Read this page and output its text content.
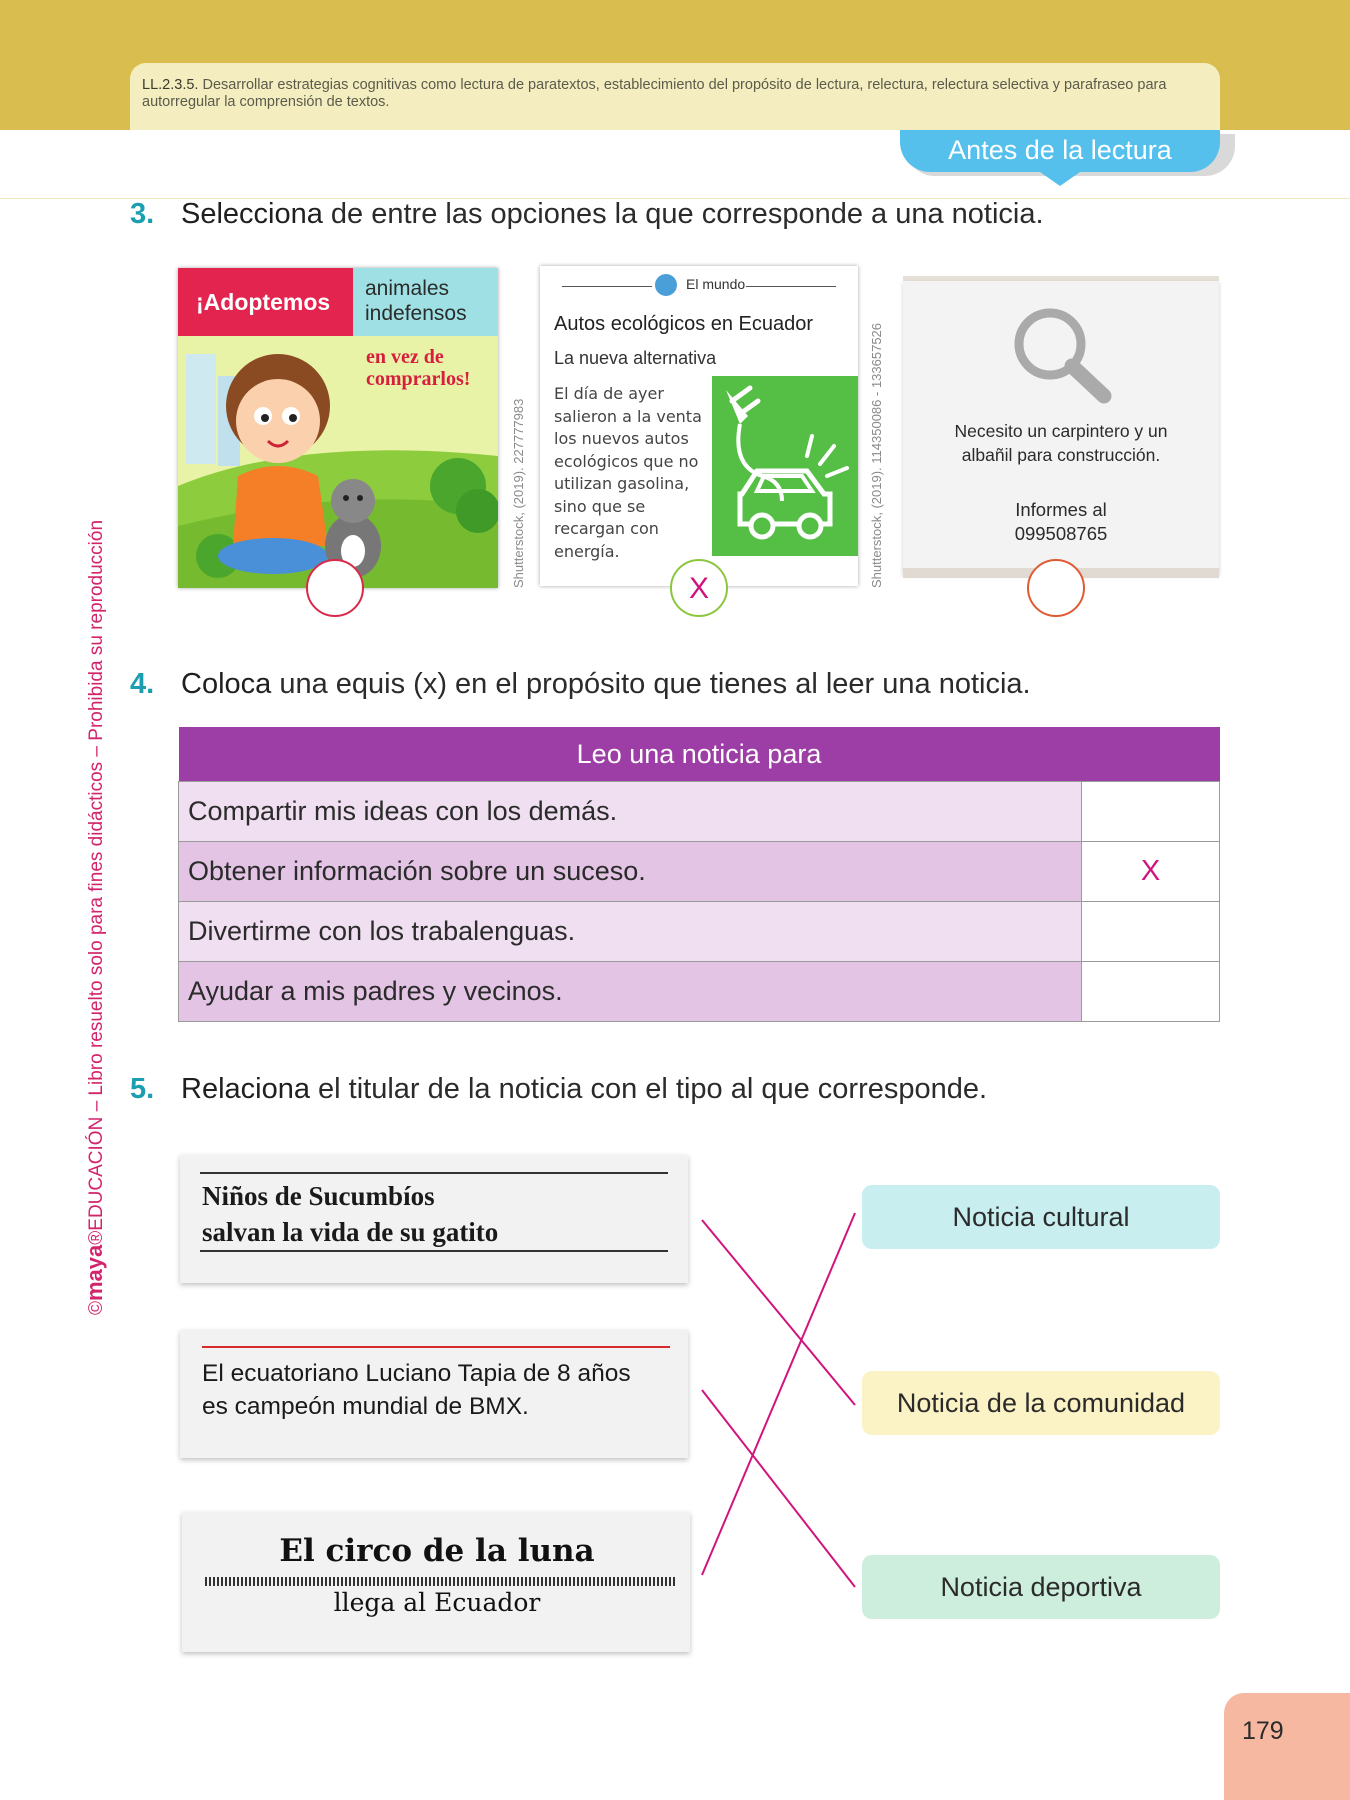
LL.2.3.5. Desarrollar estrategias cognitivas como lectura de paratextos, establecimiento del propósito de lectura, relectura, relectura selectiva y parafraseo para autorregular la comprensión de textos.
Antes de la lectura
©maya®EDUCACIÓN – Libro resuelto solo para fines didácticos – Prohibida su reproducción
3. Selecciona de entre las opciones la que corresponde a una noticia.
¡Adoptemos
animales indefensos
en vez de comprarlos!
Shutterstock, (2019). 227777983
El mundo
Autos ecológicos en Ecuador
La nueva alternativa
El día de ayer salieron a la venta los nuevos autos ecológicos que no utilizan gasolina, sino que se recargan con energía.	Shutterstock, (2019). 114350086 - 133657526
X
Necesito un carpintero y un albañil para construcción.
Informes al
099508765
4. Coloca una equis (x) en el propósito que tienes al leer una noticia.
Leo una noticia para	
Compartir mis ideas con los demás.	
Obtener información sobre un suceso.	X
Divertirme con los trabalenguas.	
Ayudar a mis padres y vecinos.	
5. Relaciona el titular de la noticia con el tipo al que corresponde.
Niños de Sucumbíos
salvan la vida de su gatito
El ecuatoriano Luciano Tapia de 8 años
es campeón mundial de BMX.
El circo de la luna
llega al Ecuador
Noticia cultural
Noticia de la comunidad
Noticia deportiva
179
